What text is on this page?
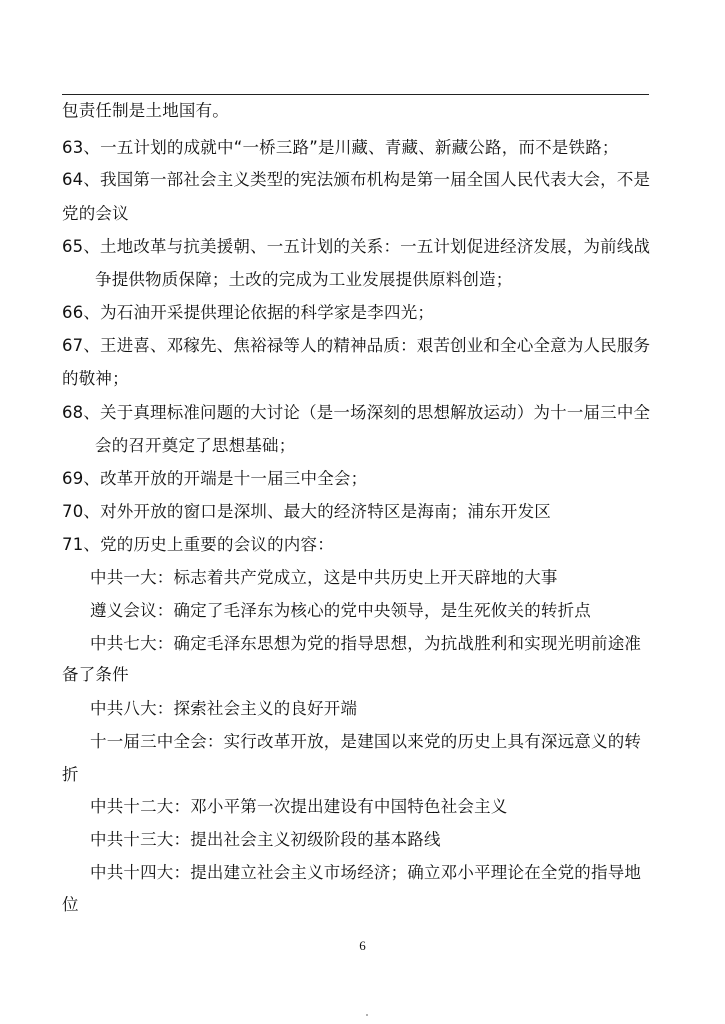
包责任制是土地国有。
63、一五计划的成就中“一桥三路”是川藏、青藏、新藏公路，而不是铁路；
64、我国第一部社会主义类型的宪法颁布机构是第一届全国人民代表大会，不是
党的会议
65、土地改革与抗美援朝、一五计划的关系：一五计划促进经济发展，为前线战
争提供物质保障；土改的完成为工业发展提供原料创造；
66、为石油开采提供理论依据的科学家是李四光；
67、王进喜、邓稼先、焦裕禄等人的精神品质：艰苦创业和全心全意为人民服务
的敬神；
68、关于真理标准问题的大讨论（是一场深刻的思想解放运动）为十一届三中全
会的召开奠定了思想基础；
69、改革开放的开端是十一届三中全会；
70、对外开放的窗口是深圳、最大的经济特区是海南；浦东开发区
71、党的历史上重要的会议的内容：
中共一大：标志着共产党成立，这是中共历史上开天辟地的大事
遵义会议：确定了毛泽东为核心的党中央领导，是生死攸关的转折点
中共七大：确定毛泽东思想为党的指导思想，为抗战胜利和实现光明前途准
备了条件
中共八大：探索社会主义的良好开端
十一届三中全会：实行改革开放，是建国以来党的历史上具有深远意义的转
折
中共十二大：邓小平第一次提出建设有中国特色社会主义
中共十三大：提出社会主义初级阶段的基本路线
中共十四大：提出建立社会主义市场经济；确立邓小平理论在全党的指导地
位
6
